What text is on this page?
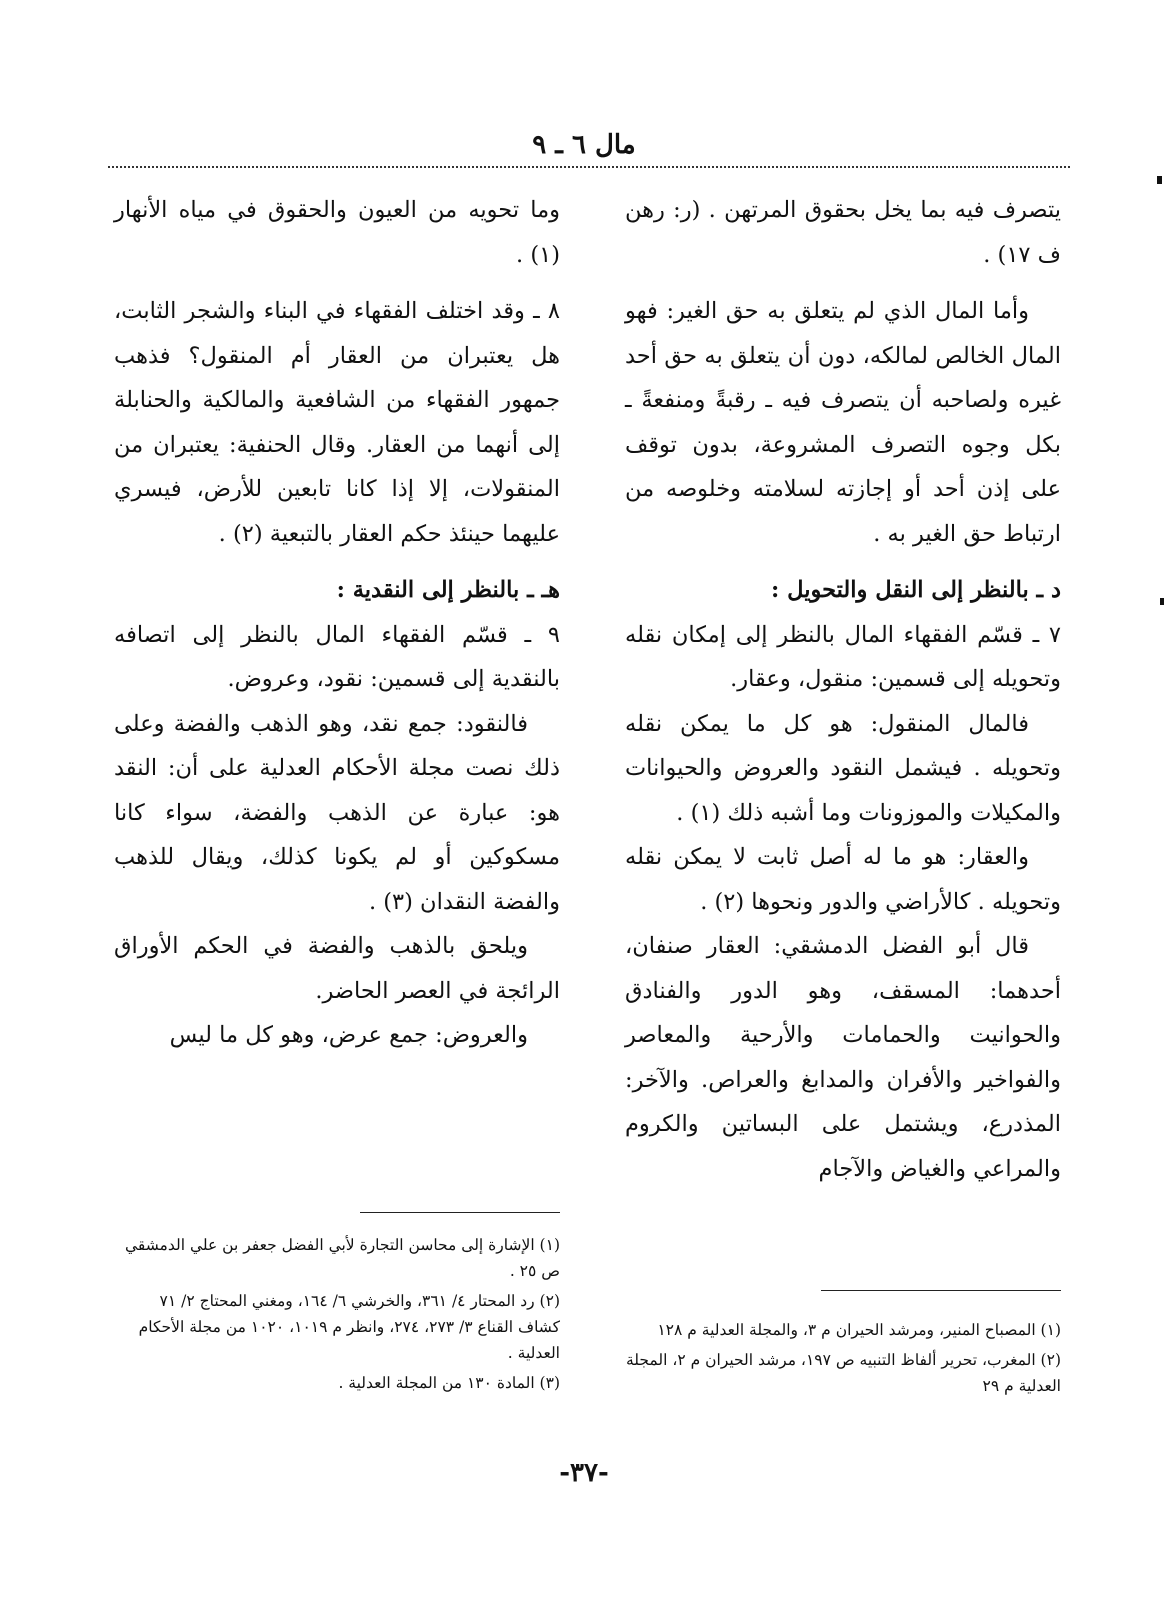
مال ٦ ـ ٩

يتصرف فيه بما يخل بحقوق المرتهن . (ر: رهن ف ١٧) .

وأما المال الذي لم يتعلق به حق الغير: فهو المال الخالص لمالكه، دون أن يتعلق به حق أحد غيره ولصاحبه أن يتصرف فيه ـ رقبةً ومنفعةً ـ بكل وجوه التصرف المشروعة، بدون توقف على إذن أحد أو إجازته لسلامته وخلوصه من ارتباط حق الغير به .

د ـ بالنظر إلى النقل والتحويل :

٧ ـ قسّم الفقهاء المال بالنظر إلى إمكان نقله وتحويله إلى قسمين: منقول، وعقار.

فالمال المنقول: هو كل ما يمكن نقله وتحويله . فيشمل النقود والعروض والحيوانات والمكيلات والموزونات وما أشبه ذلك (١) .

والعقار: هو ما له أصل ثابت لا يمكن نقله وتحويله . كالأراضي والدور ونحوها (٢) .

قال أبو الفضل الدمشقي: العقار صنفان، أحدهما: المسقف، وهو الدور والفنادق والحوانيت والحمامات والأرحية والمعاصر والفواخير والأفران والمدابغ والعراص. والآخر: المذدرع، ويشتمل على البساتين والكروم والمراعي والغياض والآجام

وما تحويه من العيون والحقوق في مياه الأنهار (١) .

٨ ـ وقد اختلف الفقهاء في البناء والشجر الثابت، هل يعتبران من العقار أم المنقول؟ فذهب جمهور الفقهاء من الشافعية والمالكية والحنابلة إلى أنهما من العقار. وقال الحنفية: يعتبران من المنقولات، إلا إذا كانا تابعين للأرض، فيسري عليهما حينئذ حكم العقار بالتبعية (٢) .

هـ ـ بالنظر إلى النقدية :

٩ ـ قسّم الفقهاء المال بالنظر إلى اتصافه بالنقدية إلى قسمين: نقود، وعروض.

فالنقود: جمع نقد، وهو الذهب والفضة وعلى ذلك نصت مجلة الأحكام العدلية على أن: النقد هو: عبارة عن الذهب والفضة، سواء كانا مسكوكين أو لم يكونا كذلك، ويقال للذهب والفضة النقدان (٣) .

ويلحق بالذهب والفضة في الحكم الأوراق الرائجة في العصر الحاضر.

والعروض: جمع عرض، وهو كل ما ليس

(١) المصباح المنير، ومرشد الحيران م ٣، والمجلة العدلية م ١٢٨

(٢) المغرب، تحرير ألفاظ التنبيه ص ١٩٧، مرشد الحيران م ٢، المجلة العدلية م ٢٩

(١) الإشارة إلى محاسن التجارة لأبي الفضل جعفر بن علي الدمشقي ص ٢٥ .

(٢) رد المحتار ٤/ ٣٦١، والخرشي ٦/ ١٦٤، ومغني المحتاج ٢/ ٧١ كشاف القناع ٣/ ٢٧٣، ٢٧٤، وانظر م ١٠١٩، ١٠٢٠ من مجلة الأحكام العدلية .

(٣) المادة ١٣٠ من المجلة العدلية .

-٣٧-
